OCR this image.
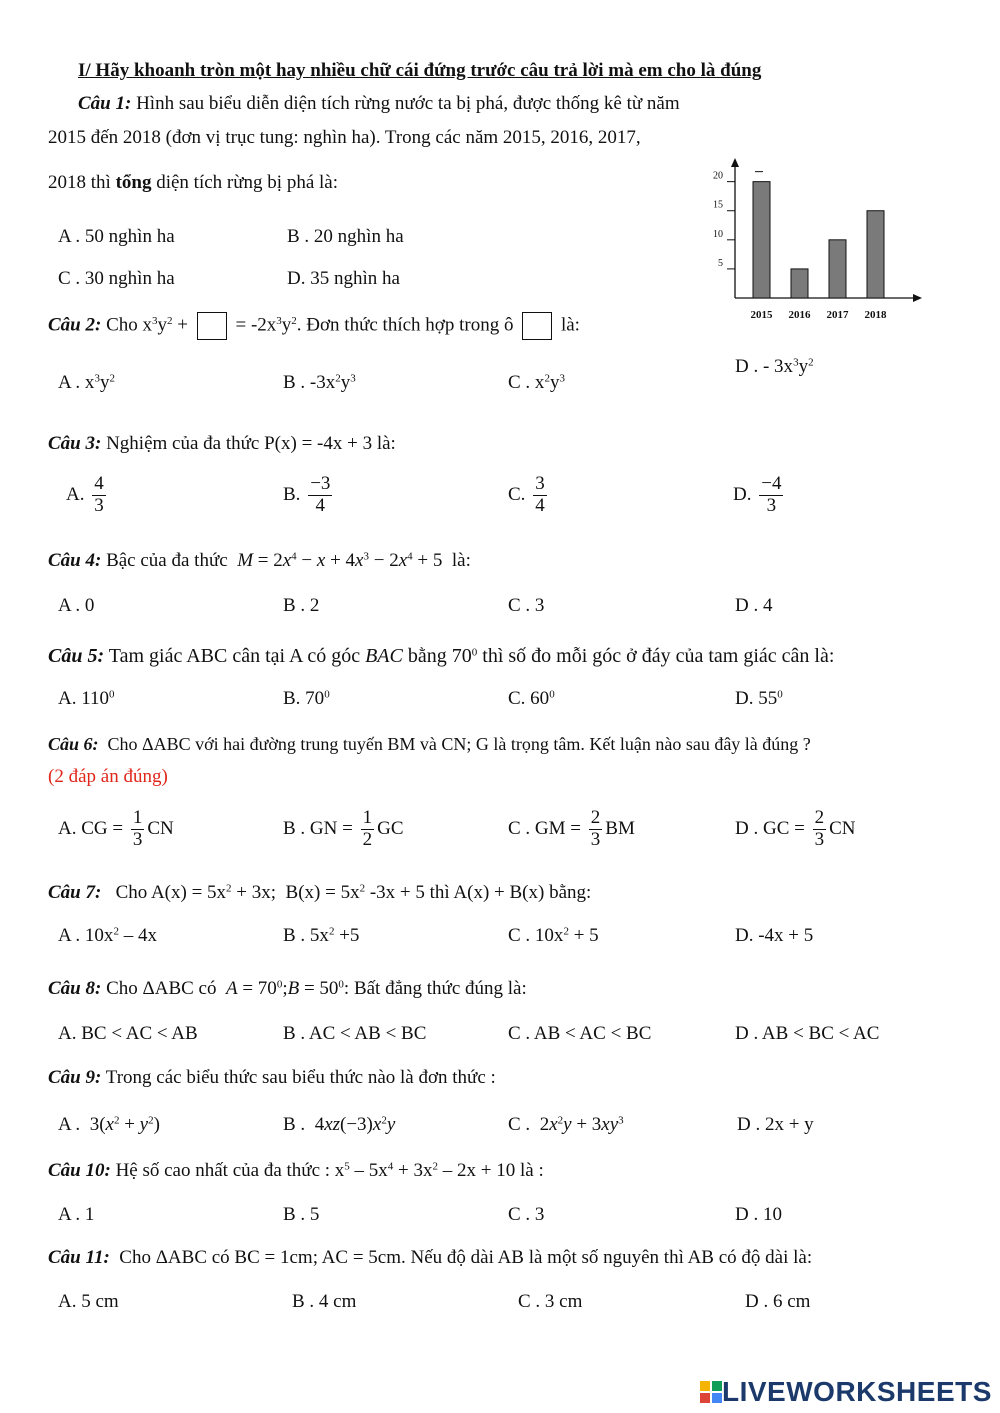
I/ Hãy khoanh tròn một hay nhiều chữ cái đứng trước câu trả lời mà em cho là đúng
Câu 1: Hình sau biểu diễn diện tích rừng nước ta bị phá, được thống kê từ năm
2015 đến 2018 (đơn vị trục tung: nghìn ha). Trong các năm 2015, 2016, 2017,
2018 thì tổng diện tích rừng bị phá là:
A . 50 nghìn ha	B . 20 nghìn ha
C . 30 nghìn ha	D. 35 nghìn ha
5
10
15
20
2015 2016 2017 2018
Câu 2: Cho $x^3y^2$ +  = $-2x^3y^2$. Đơn thức thích hợp trong ô	là:
A . $x^3y^2$	B . $-3x^2y^3$	C . $x^2y^3$
D . - $3x^3y^2$
Câu 3: Nghiệm của đa thức P(x) = -4x + 3 là:
A. $\frac{4}{3}$	B. $\frac{-3}{4}$	C. $\frac{3}{4}$	D. $\frac{-4}{3}$
Câu 4: Bậc của đa thức  $M = 2x^4 - x + 4x^3 - 2x^4 + 5$  là:
A . 0	B . 2	C . 3	D . 4
Câu 5: Tam giác ABC cân tại A có góc BAC bằng $70^0$ thì số đo mỗi góc ở đáy của tam giác cân là:
A. $110^0$	B. $70^0$	C. $60^0$	D. $55^0$
Câu 6: Cho ΔABC với hai đường trung tuyến BM và CN; G là trọng tâm. Kết luận nào sau đây là đúng ?
(2 đáp án đúng)
A. CG = $\frac{1}{3}$ CN	B . GN = $\frac{1}{2}$ GC	C . GM = $\frac{2}{3}$ BM	D . GC = $\frac{2}{3}$ CN
Câu 7: Cho $A(x) = 5x^2 + 3x$;  $B(x) = 5x^2$ -3x + 5 thì A(x) + B(x) bằng:
A . $10x^2 - 4x$	B . $5x^2 +5$	C . $10x^2 + 5$	D. -4x + 5
Câu 8: Cho ΔABC có  $A = 70^0;B = 50^0$: Bất đẳng thức đúng là:
A. BC < AC < AB	B . AC < AB < BC	C . AB < AC < BC	D . AB < BC < AC
Câu 9: Trong các biểu thức sau biểu thức nào là đơn thức :
A .  $3(x^2 + y^2)$	B .  $4xz(-3)x^2y$	C .  $2x^2y + 3xy^3$	D . 2x + y
Câu 10: Hệ số cao nhất của đa thức : $x^5 - 5x^4 + 3x^2 - 2x + 10$ là :
A . 1	B . 5	C . 3	D . 10
Câu 11: Cho ΔABC có BC = 1cm; AC = 5cm. Nếu độ dài AB là một số nguyên thì AB có độ dài là:
A. 5 cm	B . 4 cm	C . 3 cm	D . 6 cm
LIVEWORKSHEETS
